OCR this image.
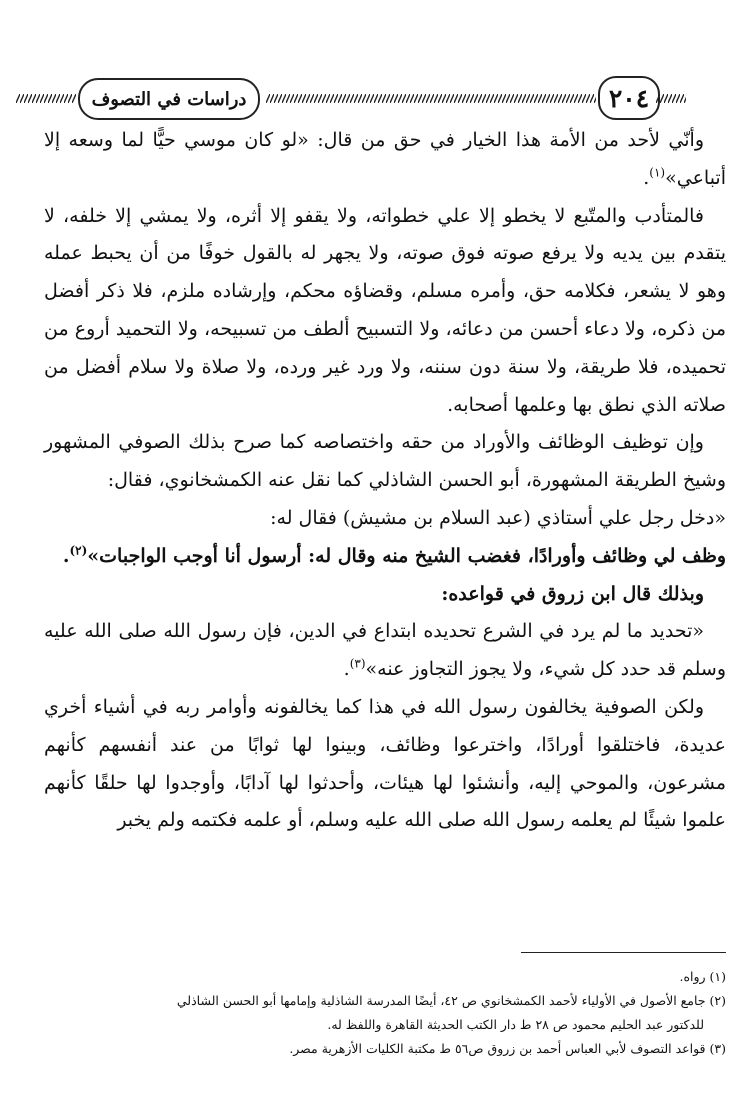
دراسات في التصوف	٢٠٤

وأنّي لأحد من الأمة هذا الخيار في حق من قال: «لو كان موسي حيًّا لما وسعه إلا أتباعي»$^{(١)}$.

فالمتأدب والمتّبع لا يخطو إلا علي خطواته، ولا يقفو إلا أثره، ولا يمشي إلا خلفه، لا يتقدم بين يديه ولا يرفع صوته فوق صوته، ولا يجهر له بالقول خوفًا من أن يحبط عمله وهو لا يشعر، فكلامه حق، وأمره مسلم، وقضاؤه محكم، وإرشاده ملزم، فلا ذكر أفضل من ذكره، ولا دعاء أحسن من دعائه، ولا التسبيح ألطف من تسبيحه، ولا التحميد أروع من تحميده، فلا طريقة، ولا سنة دون سننه، ولا ورد غير ورده، ولا صلاة ولا سلام أفضل من صلاته الذي نطق بها وعلمها أصحابه.

وإن توظيف الوظائف والأوراد من حقه واختصاصه كما صرح بذلك الصوفي المشهور وشيخ الطريقة المشهورة، أبو الحسن الشاذلي كما نقل عنه الكمشخانوي، فقال:

«دخل رجل علي أستاذي (عبد السلام بن مشيش) فقال له:

وظف لي وظائف وأورادًا، فغضب الشيخ منه وقال له: أرسول أنا أوجب الواجبات»$^{(٢)}$.

وبذلك قال ابن زروق في قواعده:

«تحديد ما لم يرد في الشرع تحديده ابتداع في الدين، فإن رسول الله صلى الله عليه وسلم قد حدد كل شيء، ولا يجوز التجاوز عنه»$^{(٣)}$.

ولكن الصوفية يخالفون رسول الله في هذا كما يخالفونه وأوامر ربه في أشياء أخري عديدة، فاختلقوا أورادًا، واخترعوا وظائف، وبينوا لها ثوابًا من عند أنفسهم كأنهم مشرعون، والموحي إليه، وأنشئوا لها هيئات، وأحدثوا لها آدابًا، وأوجدوا لها حلقًا كأنهم علموا شيئًا لم يعلمه رسول الله صلى الله عليه وسلم، أو علمه فكتمه ولم يخبر

(١) رواه.

(٢) جامع الأصول في الأولياء لأحمد الكمشخانوي ص ٤٢، أيضًا المدرسة الشاذلية وإمامها أبو الحسن الشاذلي

للدكتور عبد الحليم محمود ص ٢٨ ط دار الكتب الحديثة القاهرة واللفظ له.

(٣) قواعد التصوف لأبي العباس أحمد بن زروق ص٥٦ ط مكتبة الكليات الأزهرية مصر.
